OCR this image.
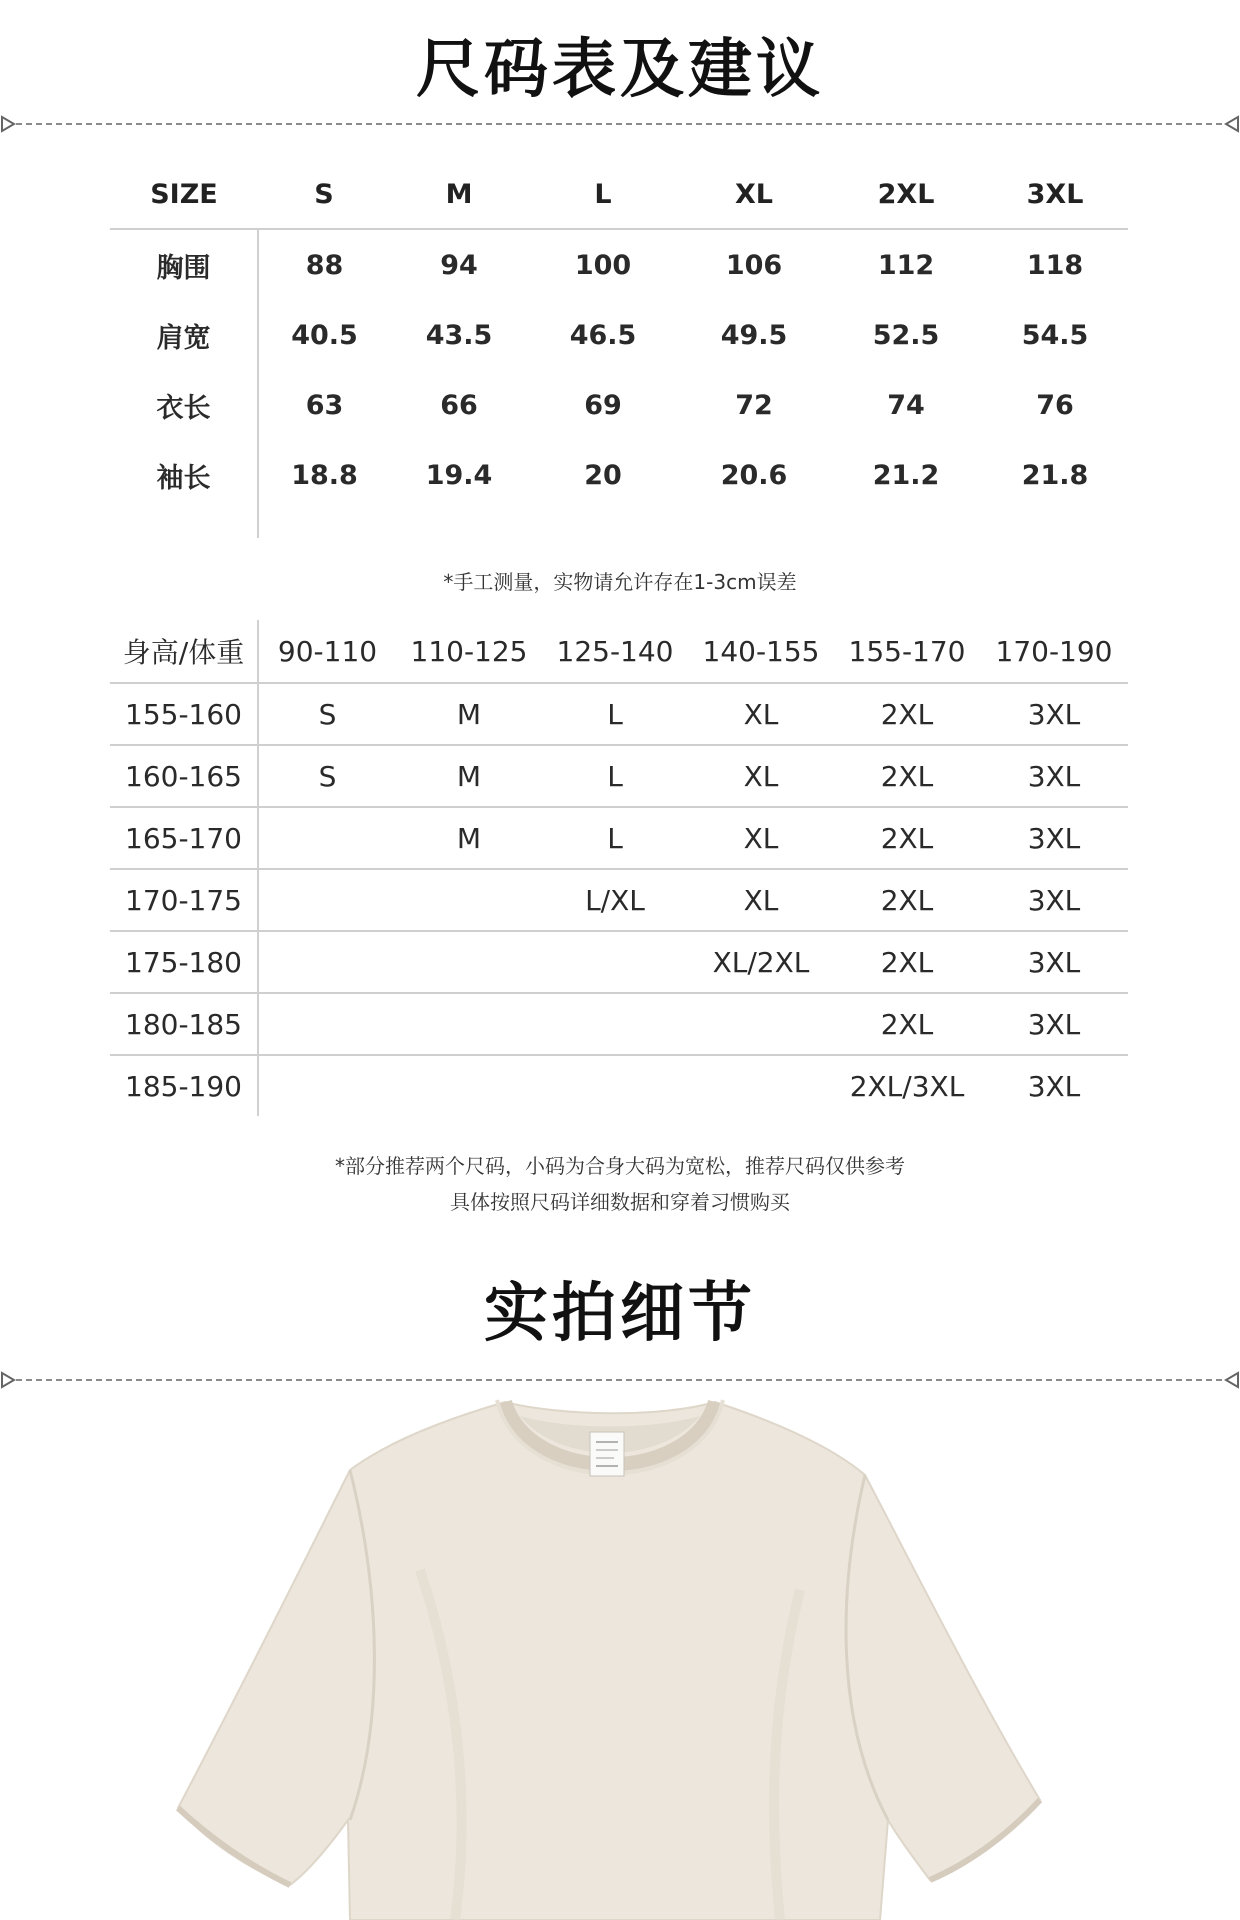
尺码表及建议
SIZE	S	M	L	XL	2XL	3XL
胸围	88	94	100	106	112	118
肩宽	40.5	43.5	46.5	49.5	52.5	54.5
衣长	63	66	69	72	74	76
袖长	18.8	19.4	20	20.6	21.2	21.8

*手工测量，实物请允许存在1-3cm误差
身高/体重	90-110	110-125	125-140	140-155	155-170	170-190
155-160	S	M	L	XL	2XL	3XL
160-165	S	M	L	XL	2XL	3XL
165-170		M	L	XL	2XL	3XL
170-175			L/XL	XL	2XL	3XL
175-180				XL/2XL	2XL	3XL
180-185					2XL	3XL
185-190					2XL/3XL	3XL
*部分推荐两个尺码，小码为合身大码为宽松，推荐尺码仅供参考
具体按照尺码详细数据和穿着习惯购买
实拍细节
